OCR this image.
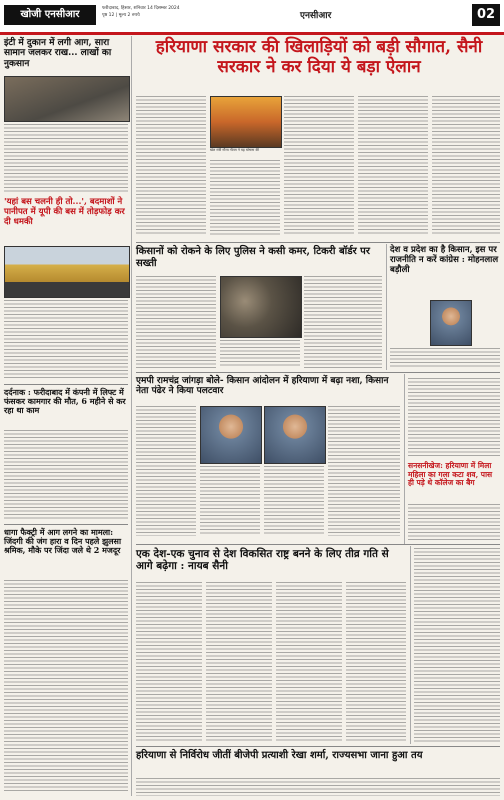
खोजी एनसीआर
फरीदाबाद, हिसार, शनिवार 14 दिसम्बर 2024
पृष्ठ 12 | मूल्य 2 रुपये	एनसीआर	02
इंटी में दुकान में लगी आग, सारा सामान जलकर राख... लाखों का नुकसान
'यहां बस चलनी ही तो...', बदमाशों ने पानीपत में यूपी की बस में तोड़फोड़ कर दी धमकी
दर्दनाक : फरीदाबाद में कंपनी में लिफ्ट में फंसकर कामगार की मौत, 6 महीने से कर रहा था काम
धागा फैक्ट्री में आग लगने का मामला: जिंदगी की जंग हारा व दिन पहले झुलसा श्रमिक, मौके पर जिंदा जले थे 2 मजदूर
हरियाणा सरकार की खिलाड़ियों को बड़ी सौगात, सैनी सरकार ने कर दिया ये बड़ा ऐलान
खेल मंत्री गौरव गौतम ने यह घोषणा की
किसानों को रोकने के लिए पुलिस ने कसी कमर, टिकरी बॉर्डर पर सख्ती
देश व प्रदेश का है किसान, इस पर राजनीति न करें कांग्रेस : मोहनलाल बड़ौली
एमपी रामचंद्र जांगड़ा बोले- किसान आंदोलन में हरियाणा में बढ़ा नशा, किसान नेता पंढेर ने किया पलटवार
सनसनीखेज: हरियाणा में मिला महिला का गला कटा शव, पास ही पड़े थे कॉलेज का बैग
एक देश-एक चुनाव से देश विकसित राष्ट्र बनने के लिए तीव्र गति से आगे बढ़ेगा : नायब सैनी
हरियाणा से निर्विरोध जीतीं बीजेपी प्रत्याशी रेखा शर्मा, राज्यसभा जाना हुआ तय
